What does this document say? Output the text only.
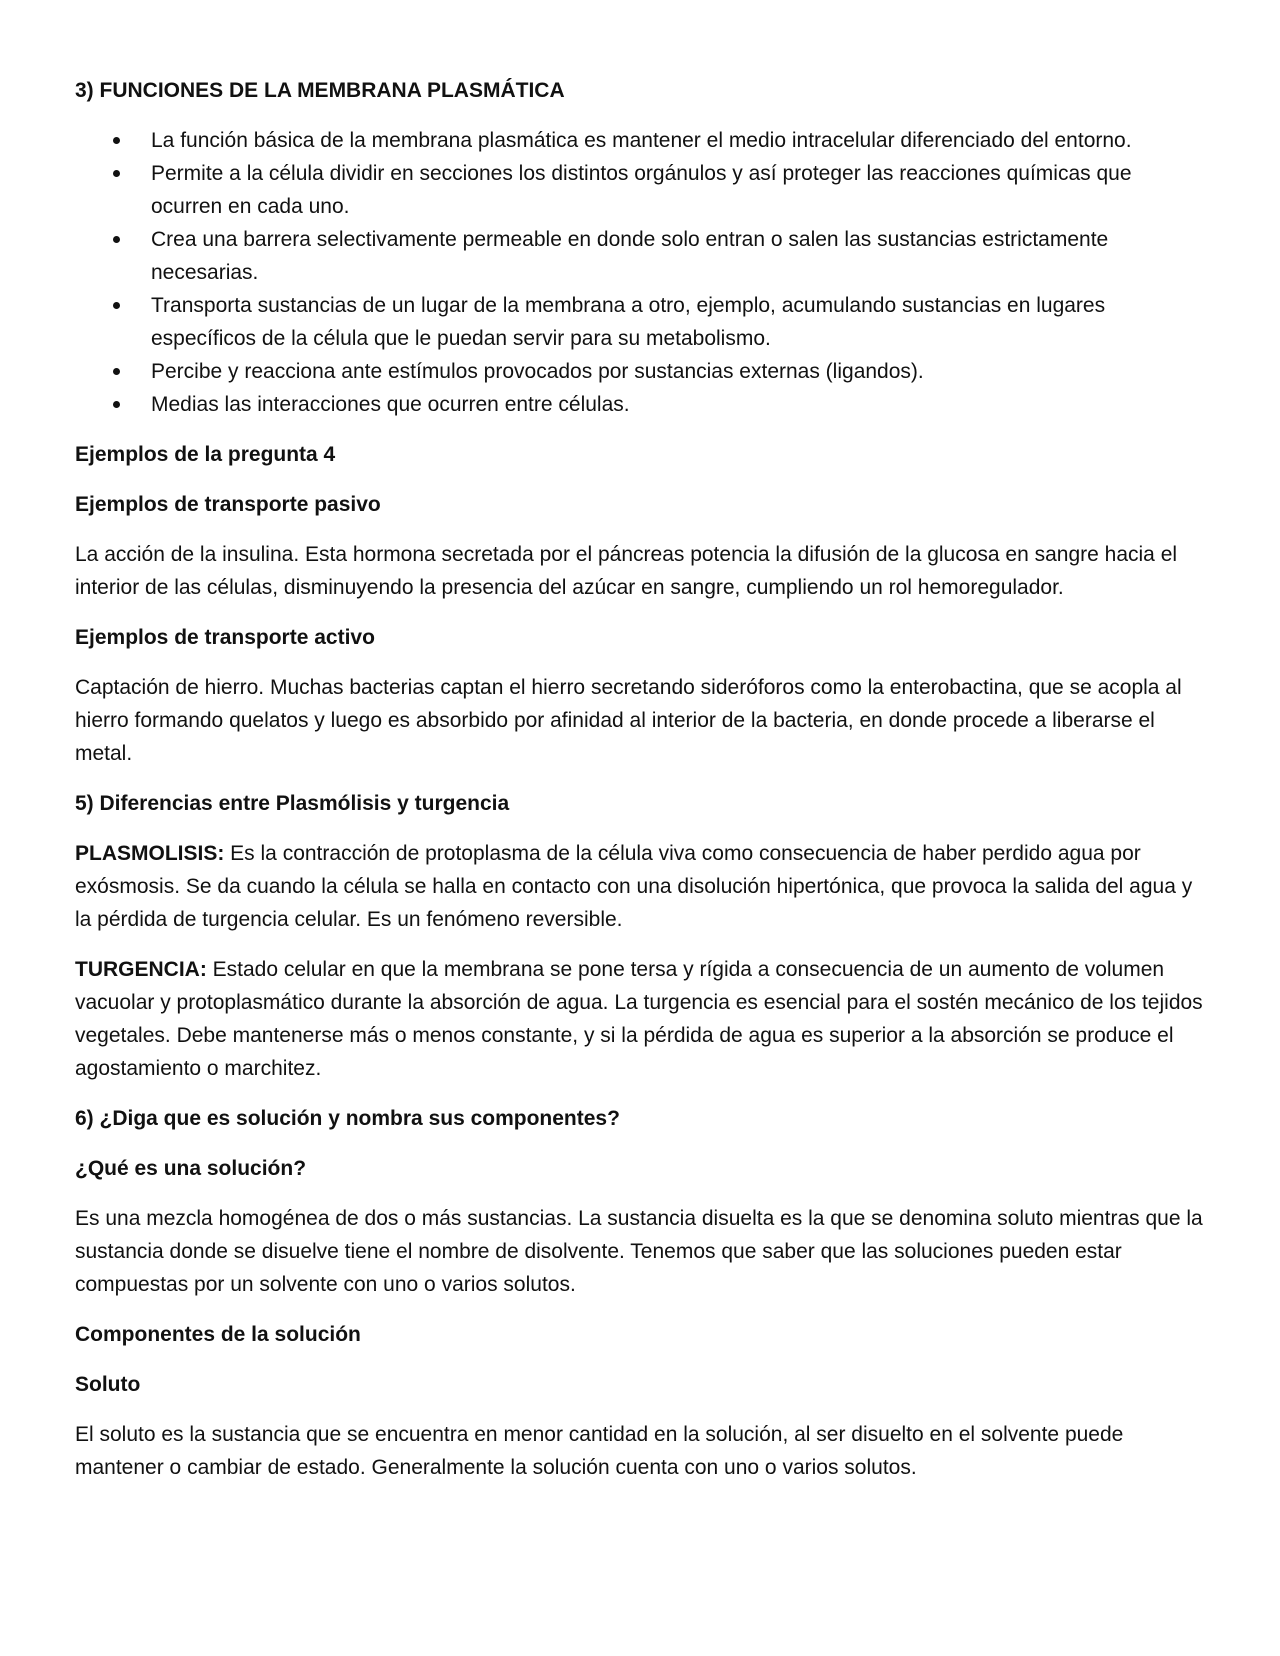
3) FUNCIONES DE LA MEMBRANA PLASMÁTICA

La función básica de la membrana plasmática es mantener el medio intracelular diferenciado del entorno.
Permite a la célula dividir en secciones los distintos orgánulos y así proteger las reacciones químicas que ocurren en cada uno.
Crea una barrera selectivamente permeable en donde solo entran o salen las sustancias estrictamente necesarias.
Transporta sustancias de un lugar de la membrana a otro, ejemplo, acumulando sustancias en lugares específicos de la célula que le puedan servir para su metabolismo.
Percibe y reacciona ante estímulos provocados por sustancias externas (ligandos).
Medias las interacciones que ocurren entre células.

Ejemplos de la pregunta 4

Ejemplos de transporte pasivo

La acción de la insulina. Esta hormona secretada por el páncreas potencia la difusión de la glucosa en sangre hacia el interior de las células, disminuyendo la presencia del azúcar en sangre, cumpliendo un rol hemoregulador.

Ejemplos de transporte activo

Captación de hierro. Muchas bacterias captan el hierro secretando sideróforos como la enterobactina, que se acopla al hierro formando quelatos y luego es absorbido por afinidad al interior de la bacteria, en donde procede a liberarse el metal.

5) Diferencias entre Plasmólisis y turgencia

PLASMOLISIS: Es la contracción de protoplasma de la célula viva como consecuencia de haber perdido agua por exósmosis. Se da cuando la célula se halla en contacto con una disolución hipertónica, que provoca la salida del agua y la pérdida de turgencia celular. Es un fenómeno reversible.

TURGENCIA: Estado celular en que la membrana se pone tersa y rígida a consecuencia de un aumento de volumen vacuolar y protoplasmático durante la absorción de agua. La turgencia es esencial para el sostén mecánico de los tejidos vegetales. Debe mantenerse más o menos constante, y si la pérdida de agua es superior a la absorción se produce el agostamiento o marchitez.

6) ¿Diga que es solución y nombra sus componentes?

¿Qué es una solución?

Es una mezcla homogénea de dos o más sustancias. La sustancia disuelta es la que se denomina soluto mientras que la sustancia donde se disuelve tiene el nombre de disolvente. Tenemos que saber que las soluciones pueden estar compuestas por un solvente con uno o varios solutos.

Componentes de la solución

Soluto

El soluto es la sustancia que se encuentra en menor cantidad en la solución, al ser disuelto en el solvente puede mantener o cambiar de estado. Generalmente la solución cuenta con uno o varios solutos.
